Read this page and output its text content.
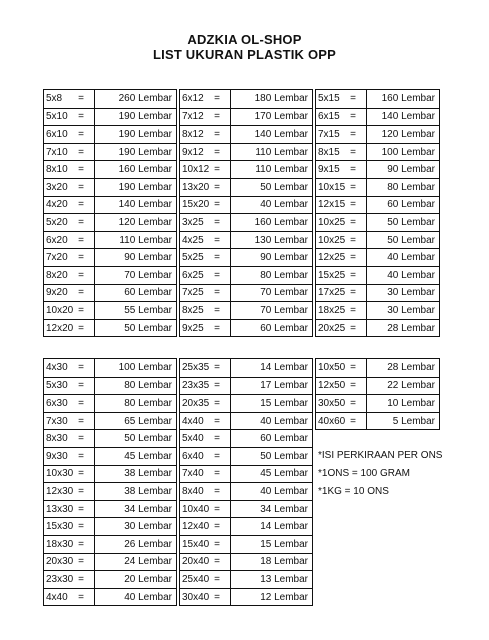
ADZKIA OL-SHOP
LIST UKURAN PLASTIK OPP
5x8	=	260 Lembar
5x10	=	190 Lembar
6x10	=	190 Lembar
7x10	=	190 Lembar
8x10	=	160 Lembar
3x20	=	190 Lembar
4x20	=	140 Lembar
5x20	=	120 Lembar
6x20	=	110 Lembar
7x20	=	90 Lembar
8x20	=	70 Lembar
9x20	=	60 Lembar
10x20 =	55 Lembar
12x20 =	50 Lembar
6x12	=	180 Lembar
7x12	=	170 Lembar
8x12	=	140 Lembar
9x12	=	110 Lembar
10x12 =	110 Lembar
13x20 =	50 Lembar
15x20 =	40 Lembar
3x25	=	160 Lembar
4x25	=	130 Lembar
5x25	=	90 Lembar
6x25	=	80 Lembar
7x25	=	70 Lembar
8x25	=	70 Lembar
9x25	=	60 Lembar
5x15	=	160 Lembar
6x15	=	140 Lembar
7x15	=	120 Lembar
8x15	=	100 Lembar
9x15	=	90 Lembar
10x15 =	80 Lembar
12x15 =	60 Lembar
10x25 =	50 Lembar
10x25 =	50 Lembar
12x25 =	40 Lembar
15x25 =	40 Lembar
17x25 =	30 Lembar
18x25 =	30 Lembar
20x25 =	28 Lembar
4x30	=	100 Lembar
5x30	=	80 Lembar
6x30	=	80 Lembar
7x30	=	65 Lembar
8x30	=	50 Lembar
9x30	=	45 Lembar
10x30 =	38 Lembar
12x30 =	38 Lembar
13x30 =	34 Lembar
15x30 =	30 Lembar
18x30 =	26 Lembar
20x30 =	24 Lembar
23x30 =	20 Lembar
4x40	=	40 Lembar
25x35 =	14 Lembar
23x35 =	17 Lembar
20x35 =	15 Lembar
4x40	=	40 Lembar
5x40	=	60 Lembar
6x40	=	50 Lembar
7x40	=	45 Lembar
8x40	=	40 Lembar
10x40 =	34 Lembar
12x40 =	14 Lembar
15x40 =	15 Lembar
20x40 =	18 Lembar
25x40 =	13 Lembar
30x40 =	12 Lembar
10x50 =	28 Lembar
12x50 =	22 Lembar
30x50 =	10 Lembar
40x60 =	5 Lembar
*ISI PERKIRAAN PER ONS
*1ONS = 100 GRAM
*1KG = 10 ONS
